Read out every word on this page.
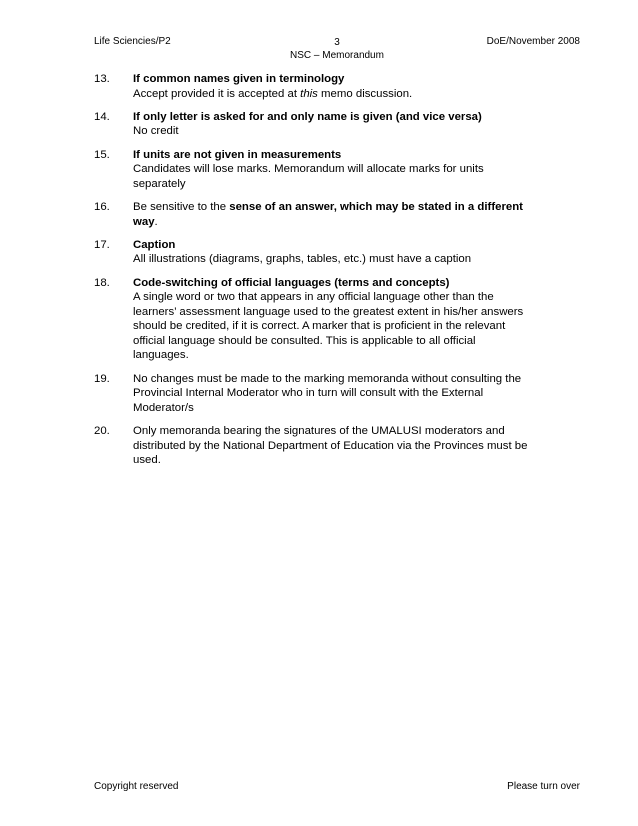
Life Sciencies/P2	3
NSC – Memorandum
DoE/November 2008
13. If common names given in terminology
Accept provided it is accepted at this memo discussion.
14. If only letter is asked for and only name is given (and vice versa)
No credit
15. If units are not given in measurements
Candidates will lose marks. Memorandum will allocate marks for units
separately
16. Be sensitive to the sense of an answer, which may be stated in a different
way.
17. Caption
All illustrations (diagrams, graphs, tables, etc.) must have a caption
18. Code-switching of official languages (terms and concepts)
A single word or two that appears in any official language other than the
learners’ assessment language used to the greatest extent in his/her answers
should be credited, if it is correct. A marker that is proficient in the relevant
official language should be consulted. This is applicable to all official
languages.
19. No changes must be made to the marking memoranda without consulting the
Provincial Internal Moderator who in turn will consult with the External
Moderator/s
20. Only memoranda bearing the signatures of the UMALUSI moderators and
distributed by the National Department of Education via the Provinces must be
used.
Copyright reserved	Please turn over
